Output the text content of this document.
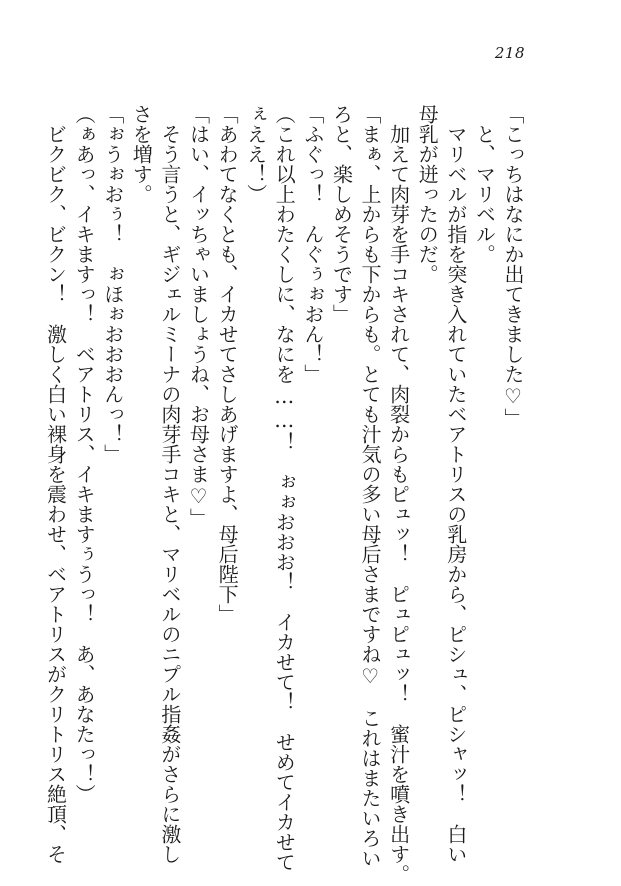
218

「こっちはなにか出てきました♡」

　と、マリベル。

　マリベルが指を突き入れていたベアトリスの乳房から、ピシュ、ピシャッ！　白い

母乳が迸ったのだ。

　加えて肉芽を手コキされて、肉裂からもピュッ！　ピュピュッ！　蜜汁を噴き出す。

「まぁ、上からも下からも。とても汁気の多い母后さまですね♡　これはまたいろい

ろと、楽しめそうです」

「ふぐっ！　んぐぅぉおん！」

（これ以上わたくしに、なにを……！　ぉぉおおお！　イカせて！　せめてイカせて

ぇええ！）

「あわてなくとも、イカせてさしあげますよ、母后陛下」

「はい、イッちゃいましょうね、お母さま♡」

　そう言うと、ギジェルミーナの肉芽手コキと、マリベルのニプル指姦がさらに激し

さを増す。

「ぉうぉおぅ！　ぉほぉおおおんっ！」

（ぁあっ、イキますっ！　ベアトリス、イキますぅうっ！　あ、あなたっ！）

　ビクビク、ビクン！　激しく白い裸身を震わせ、ベアトリスがクリトリス絶頂、そ
